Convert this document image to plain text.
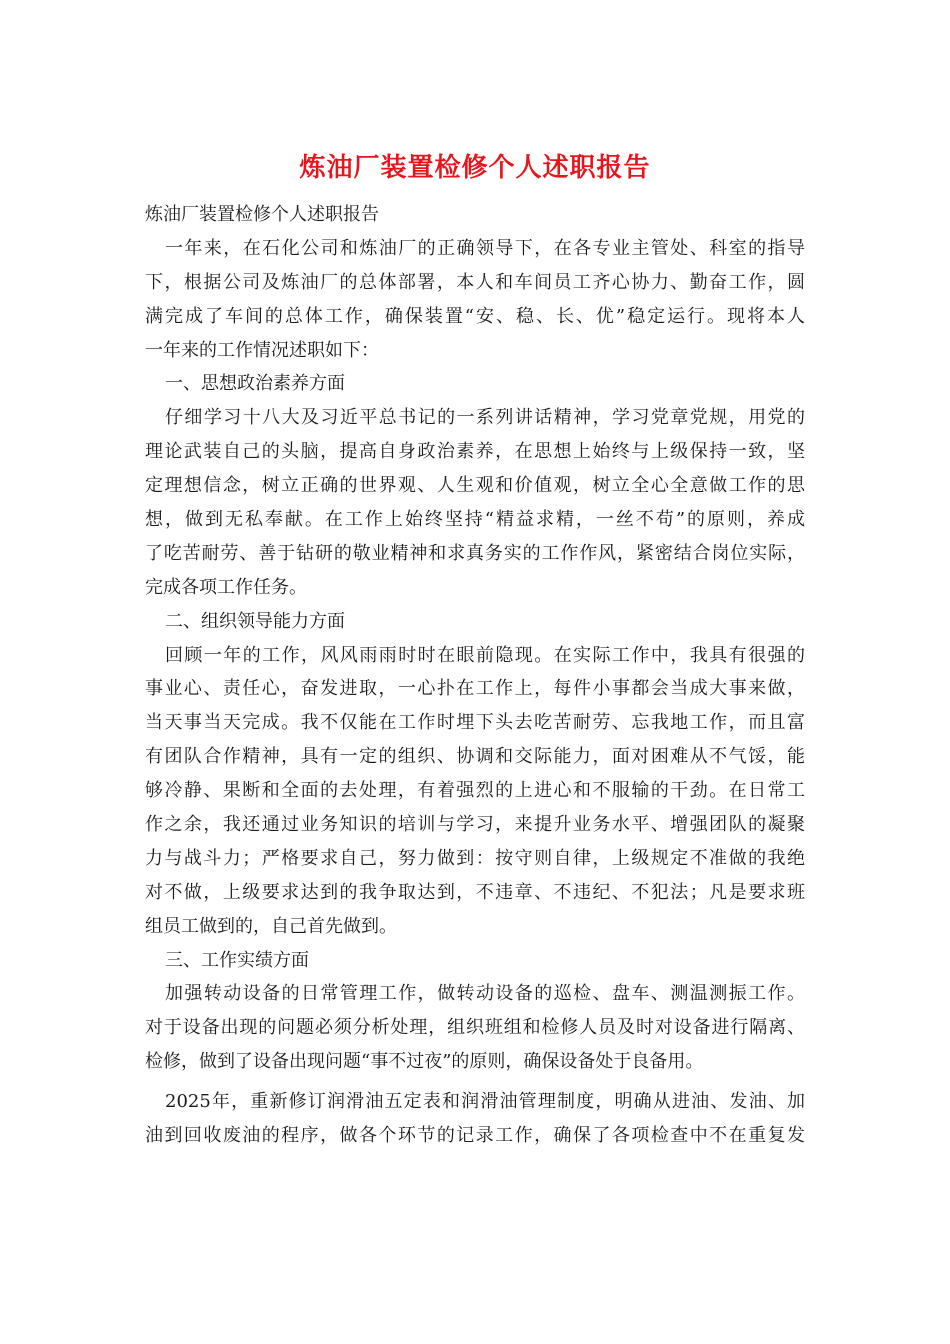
炼油厂装置检修个人述职报告
炼油厂装置检修个人述职报告
一年来，在石化公司和炼油厂的正确领导下，在各专业主管处、科室的指导
下，根据公司及炼油厂的总体部署，本人和车间员工齐心协力、勤奋工作，圆
满完成了车间的总体工作，确保装置“安、稳、长、优”稳定运行。现将本人
一年来的工作情况述职如下：
一、思想政治素养方面
仔细学习十八大及习近平总书记的一系列讲话精神，学习党章党规，用党的
理论武装自己的头脑，提高自身政治素养，在思想上始终与上级保持一致，坚
定理想信念，树立正确的世界观、人生观和价值观，树立全心全意做工作的思
想，做到无私奉献。在工作上始终坚持“精益求精，一丝不苟”的原则，养成
了吃苦耐劳、善于钻研的敬业精神和求真务实的工作作风，紧密结合岗位实际，
完成各项工作任务。
二、组织领导能力方面
回顾一年的工作，风风雨雨时时在眼前隐现。在实际工作中，我具有很强的
事业心、责任心，奋发进取，一心扑在工作上，每件小事都会当成大事来做，
当天事当天完成。我不仅能在工作时埋下头去吃苦耐劳、忘我地工作，而且富
有团队合作精神，具有一定的组织、协调和交际能力，面对困难从不气馁，能
够冷静、果断和全面的去处理，有着强烈的上进心和不服输的干劲。在日常工
作之余，我还通过业务知识的培训与学习，来提升业务水平、增强团队的凝聚
力与战斗力；严格要求自己，努力做到：按守则自律，上级规定不准做的我绝
对不做，上级要求达到的我争取达到，不违章、不违纪、不犯法；凡是要求班
组员工做到的，自己首先做到。
三、工作实绩方面
加强转动设备的日常管理工作，做转动设备的巡检、盘车、测温测振工作。
对于设备出现的问题必须分析处理，组织班组和检修人员及时对设备进行隔离、
检修，做到了设备出现问题“事不过夜”的原则，确保设备处于良备用。
2025年，重新修订润滑油五定表和润滑油管理制度，明确从进油、发油、加
油到回收废油的程序，做各个环节的记录工作，确保了各项检查中不在重复发
